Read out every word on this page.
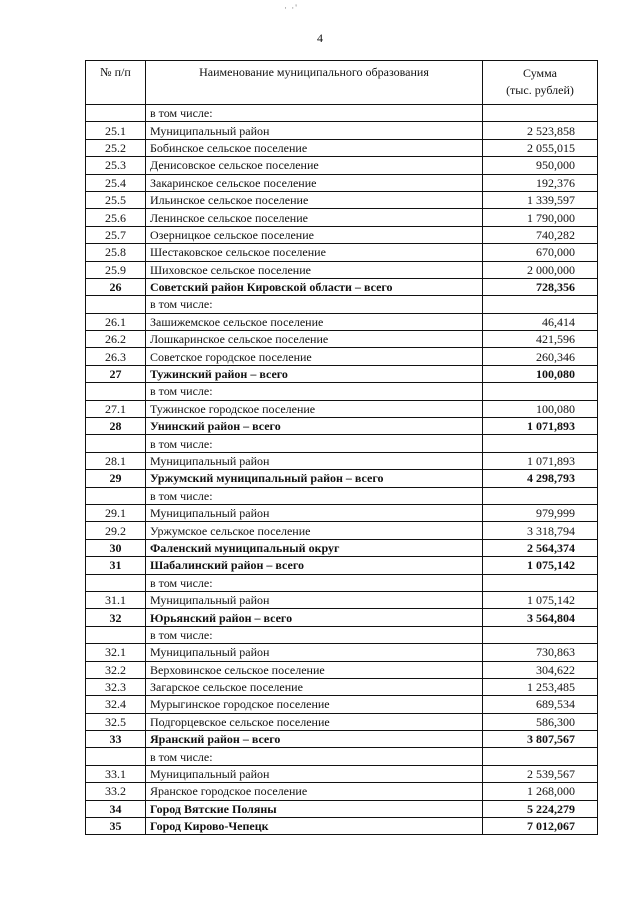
· ·'
4
№ п/п	Наименование муниципального образования	Сумма
(тыс. рублей)

	в том числе:	
25.1	Муниципальный район	2 523,858
25.2	Бобинское сельское поселение	2 055,015
25.3	Денисовское сельское поселение	950,000
25.4	Закаринское сельское поселение	192,376
25.5	Ильинское сельское поселение	1 339,597
25.6	Ленинское сельское поселение	1 790,000
25.7	Озерницкое сельское поселение	740,282
25.8	Шестаковское сельское поселение	670,000
25.9	Шиховское сельское поселение	2 000,000
26	Советский район Кировской области – всего	728,356
	в том числе:	
26.1	Зашижемское сельское поселение	46,414
26.2	Лошкаринское сельское поселение	421,596
26.3	Советское городское поселение	260,346
27	Тужинский район – всего	100,080
	в том числе:	
27.1	Тужинское городское поселение	100,080
28	Унинский район – всего	1 071,893
	в том числе:	
28.1	Муниципальный район	1 071,893
29	Уржумский муниципальный район – всего	4 298,793
	в том числе:	
29.1	Муниципальный район	979,999
29.2	Уржумское сельское поселение	3 318,794
30	Фаленский муниципальный округ	2 564,374
31	Шабалинский район – всего	1 075,142
	в том числе:	
31.1	Муниципальный район	1 075,142
32	Юрьянский район – всего	3 564,804
	в том числе:	
32.1	Муниципальный район	730,863
32.2	Верховинское сельское поселение	304,622
32.3	Загарское сельское поселение	1 253,485
32.4	Мурыгинское городское поселение	689,534
32.5	Подгорцевское сельское поселение	586,300
33	Яранский район – всего	3 807,567
	в том числе:	
33.1	Муниципальный район	2 539,567
33.2	Яранское городское поселение	1 268,000
34	Город Вятские Поляны	5 224,279
35	Город Кирово-Чепецк	7 012,067
